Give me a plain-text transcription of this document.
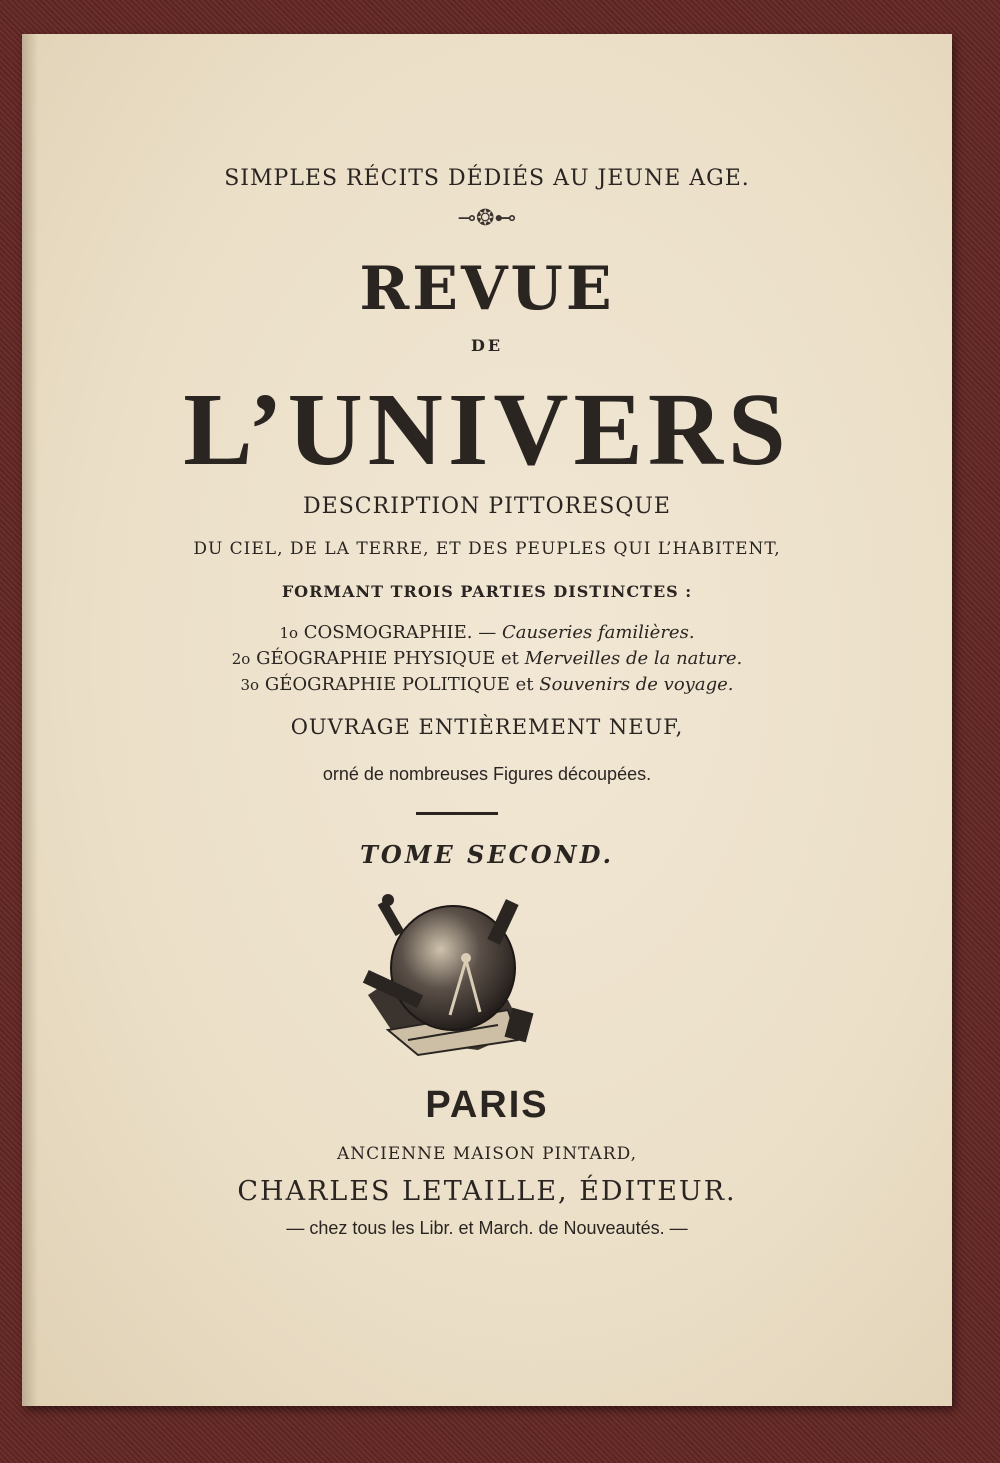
SIMPLES RÉCITS DÉDIÉS AU JEUNE AGE.
⊸❂⊷
REVUE
DE
L’UNIVERS
DESCRIPTION PITTORESQUE
DU CIEL, DE LA TERRE, ET DES PEUPLES QUI L’HABITENT,
FORMANT TROIS PARTIES DISTINCTES :
1o COSMOGRAPHIE. — Causeries familières.
2o GÉOGRAPHIE PHYSIQUE et Merveilles de la nature.
3o GÉOGRAPHIE POLITIQUE et Souvenirs de voyage.
OUVRAGE ENTIÈREMENT NEUF,
orné de nombreuses Figures découpées.
TOME SECOND.
PARIS
ANCIENNE MAISON PINTARD,
CHARLES LETAILLE, ÉDITEUR.
— chez tous les Libr. et March. de Nouveautés. —
